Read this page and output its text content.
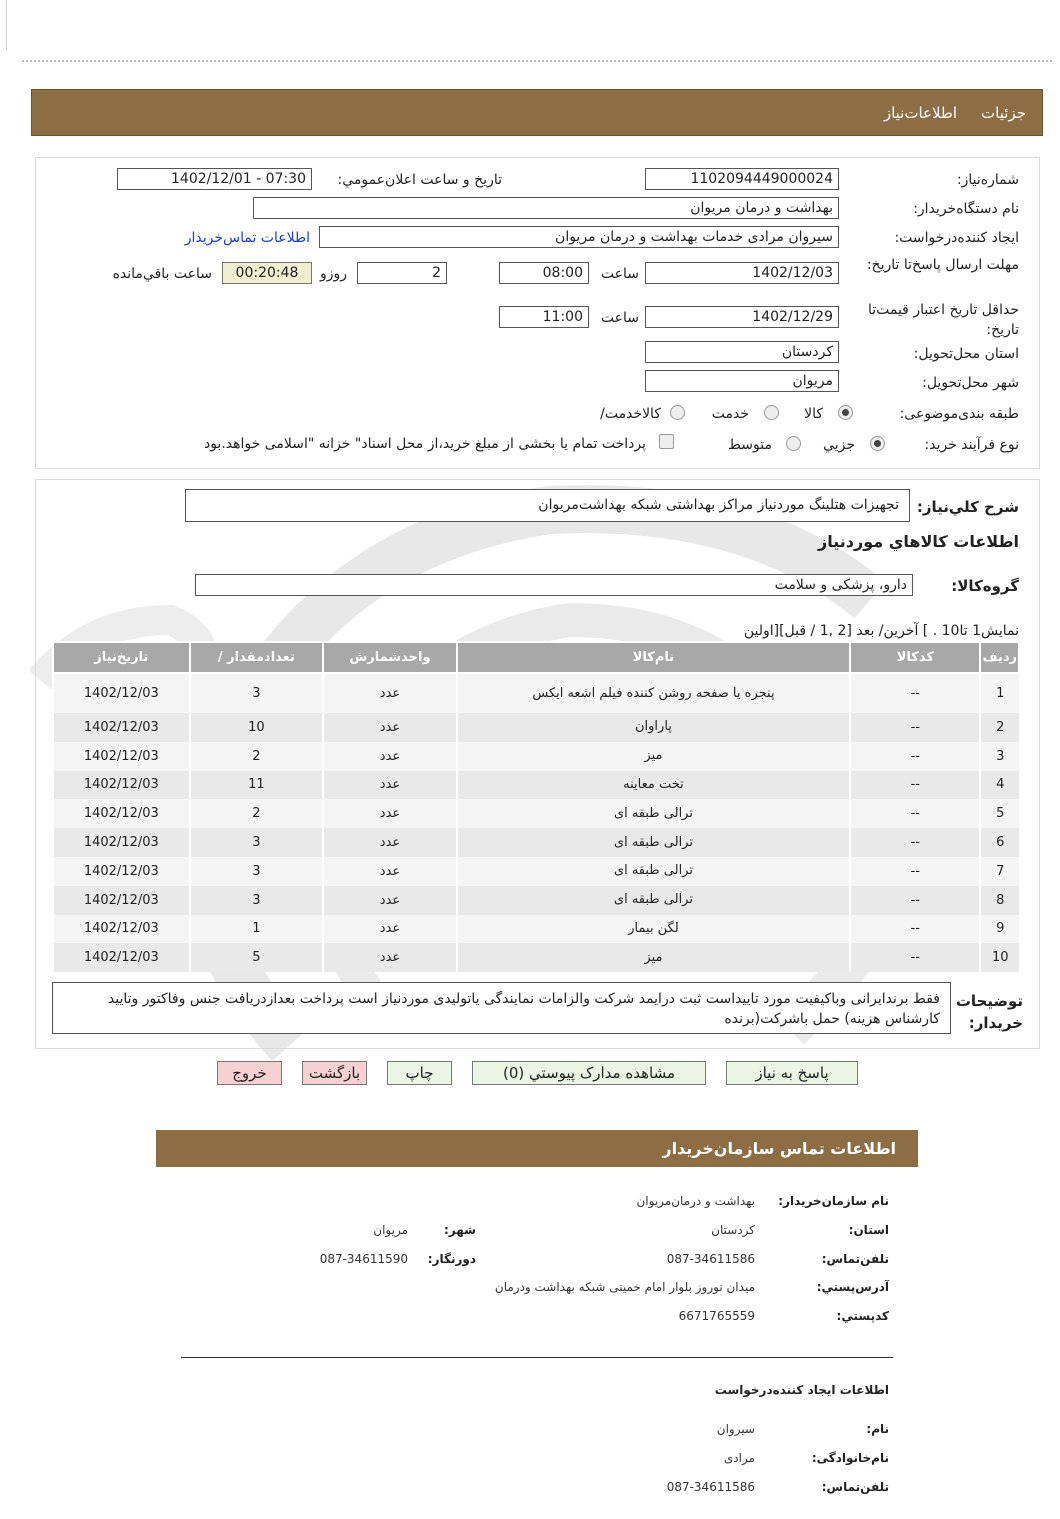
جزئيات
اطلاعات‌نياز
شماره‌نیاز:
1102094449000024
تاريخ و ساعت اعلان‌عمومي:
1402/12/01 - 07:30
نام دستگاه‌خريدار:
بهداشت و درمان مریوان
ايجاد کننده‌درخواست:
سیروان مرادی خدمات بهداشت و درمان مریوان
اطلاعات تماس‌خريدار
مهلت ارسال پاسخ‌تا تاريخ:
1402/12/03
ساعت
08:00
2
روزو
00:20:48
ساعت باقي‌مانده
حداقل تاريخ اعتبار قیمت‌تا تاريخ:
1402/12/29
ساعت
11:00
استان محل‌تحويل:
کردستان
شهر محل‌تحويل:
مریوان
طبقه بندی‌موضوعی:
کالا
خدمت
کالا‌خدمت/
نوع فرآيند خريد:
جزيي
متوسط
پرداخت تمام يا بخشی از مبلغ خريد،از محل اسناد" خزانه "اسلامی خواهد.بود
شرح کلي‌نياز:
تجهیزات هتلینگ موردنیاز مراکز بهداشتی شبکه بهداشت‌مریوان
اطلاعات کالاهاي موردنياز
گروه‌کالا:
دارو، پزشکی و سلامت
نمايش1 تا10 . ] آخرين/ بعد [2 ,1 / قبل][اولين
رديف	کدکالا	نام‌کالا	واحدشمارش	تعدادمقدار /	تاريخ‌نياز
1	--	پنجره یا صفحه روشن کننده فیلم اشعه ایکس	عدد	3	1402/12/03
2	--	پاراوان	عدد	10	1402/12/03
3	--	میز	عدد	2	1402/12/03
4	--	تخت معاینه	عدد	11	1402/12/03
5	--	ترالی طبقه ای	عدد	2	1402/12/03
6	--	ترالی طبقه ای	عدد	3	1402/12/03
7	--	ترالی طبقه ای	عدد	3	1402/12/03
8	--	ترالی طبقه ای	عدد	3	1402/12/03
9	--	لگن بیمار	عدد	1	1402/12/03
10	--	میز	عدد	5	1402/12/03
توضيحات خريدار:
فقط برندایرانی وباکیفیت مورد تاییداست ثبت درایمد شرکت والزامات نمایندگی یاتولیدی موردنیاز است پرداخت بعدازدریافت جنس وفاکتور وتایید کارشناس هزینه) حمل باشرکت(برنده
پاسخ به نياز
مشاهده مدارک پيوستي (0)
چاپ
بازگشت
خروج
اطلاعات تماس سازمان‌خريدار
نام سازمان‌خريدار:
بهداشت و درمان‌مریوان
استان:
کردستان
شهر:
مریوان
تلفن‌تماس:
087-34611586
دورنگار:
087-34611590
آدرس‌پستي:
میدان نوروز بلوار امام خمینی شبکه بهداشت ودرمان
کد‌پستي:
6671765559
اطلاعات ايجاد کننده‌درخواست
نام:
سیروان
نام‌خانوادگی:
مرادی
تلفن‌تماس:
087-34611586
